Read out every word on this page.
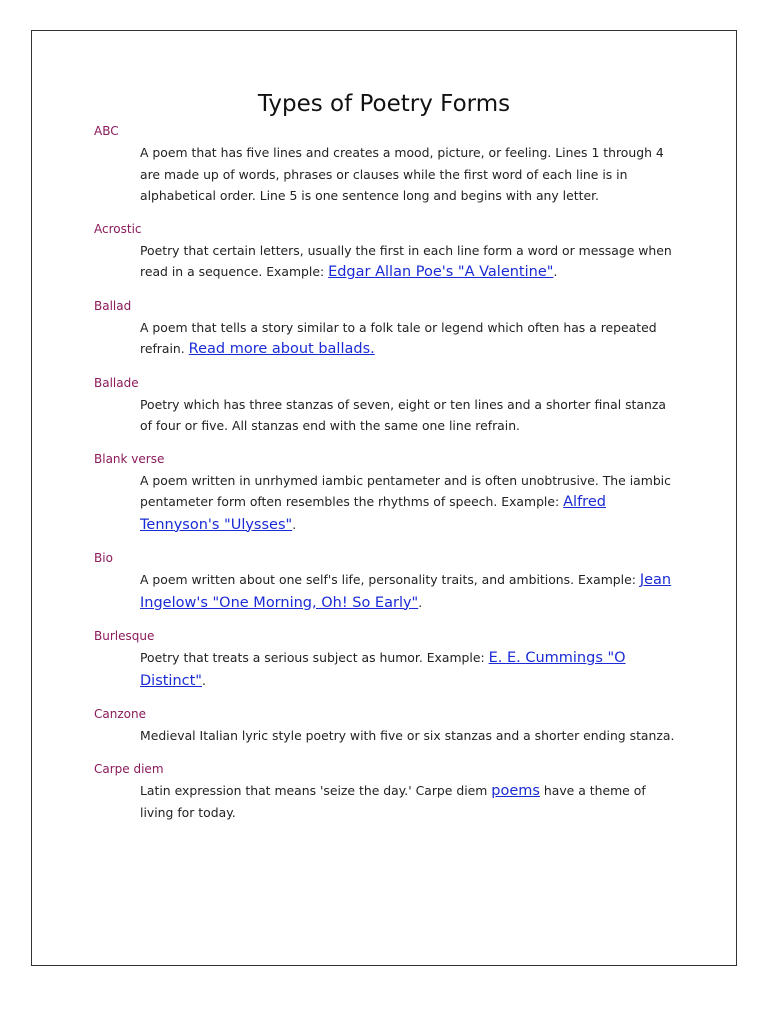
Types of Poetry Forms
ABC
A poem that has five lines and creates a mood, picture, or feeling. Lines 1 through 4 are made up of words, phrases or clauses while the first word of each line is in alphabetical order. Line 5 is one sentence long and begins with any letter.
Acrostic
Poetry that certain letters, usually the first in each line form a word or message when read in a sequence. Example: Edgar Allan Poe's "A Valentine".
Ballad
A poem that tells a story similar to a folk tale or legend which often has a repeated refrain. Read more about ballads.
Ballade
Poetry which has three stanzas of seven, eight or ten lines and a shorter final stanza of four or five. All stanzas end with the same one line refrain.
Blank verse
A poem written in unrhymed iambic pentameter and is often unobtrusive. The iambic pentameter form often resembles the rhythms of speech. Example: Alfred Tennyson's "Ulysses".
Bio
A poem written about one self's life, personality traits, and ambitions. Example: Jean Ingelow's "One Morning, Oh! So Early".
Burlesque
Poetry that treats a serious subject as humor. Example: E. E. Cummings "O Distinct".
Canzone
Medieval Italian lyric style poetry with five or six stanzas and a shorter ending stanza.
Carpe diem
Latin expression that means 'seize the day.' Carpe diem poems have a theme of living for today.
